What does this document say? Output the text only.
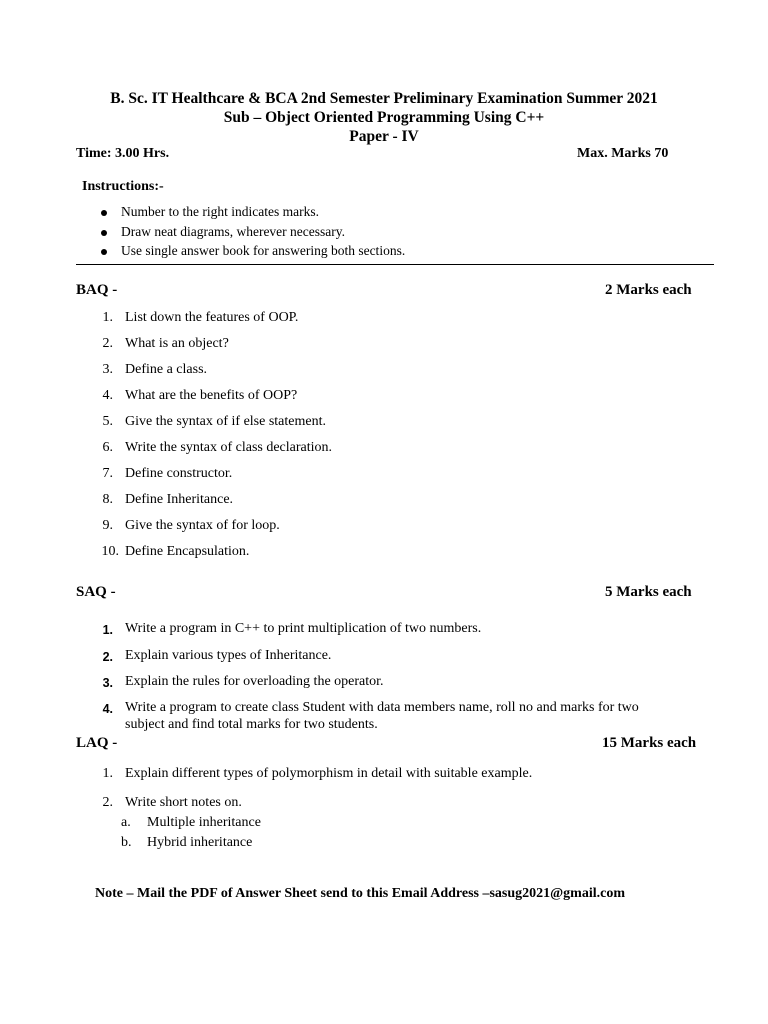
B. Sc. IT Healthcare & BCA 2nd Semester Preliminary Examination Summer 2021
Sub – Object Oriented Programming Using C++
Paper - IV
Time: 3.00 Hrs.	Max. Marks 70
Instructions:-
Number to the right indicates marks.
Draw neat diagrams, wherever necessary.
Use single answer book for answering both sections.
BAQ -	2 Marks each
1. List down the features of OOP.
2. What is an object?
3. Define a class.
4. What are the benefits of OOP?
5. Give the syntax of if else statement.
6. Write the syntax of class declaration.
7. Define constructor.
8. Define Inheritance.
9. Give the syntax of for loop.
10. Define Encapsulation.
SAQ -	5 Marks each
1. Write a program in C++ to print multiplication of two numbers.
2. Explain various types of Inheritance.
3. Explain the rules for overloading the operator.
4. Write a program to create class Student with data members name, roll no and marks for two
subject and find total marks for two students.
LAQ -	15 Marks each
1. Explain different types of polymorphism in detail with suitable example.
2. Write short notes on.
a. Multiple inheritance
b. Hybrid inheritance
Note – Mail the PDF of Answer Sheet send to this Email Address –sasug2021@gmail.com
